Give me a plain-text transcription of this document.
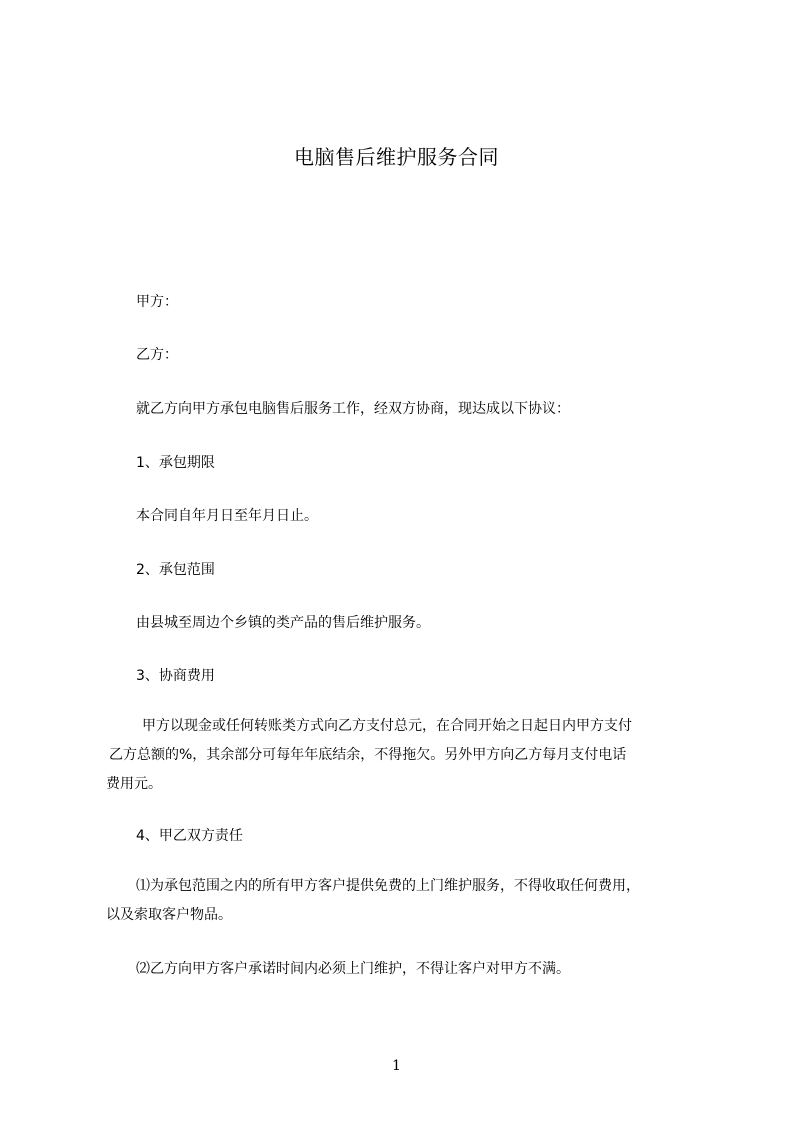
电脑售后维护服务合同
甲方：
乙方：
就乙方向甲方承包电脑售后服务工作，经双方协商，现达成以下协议：
1、承包期限
本合同自年月日至年月日止。
2、承包范围
由县城至周边个乡镇的类产品的售后维护服务。
3、协商费用
甲方以现金或任何转账类方式向乙方支付总元，在合同开始之日起日内甲方支付
乙方总额的%，其余部分可每年年底结余，不得拖欠。另外甲方向乙方每月支付电话
费用元。
4、甲乙双方责任
⑴为承包范围之内的所有甲方客户提供免费的上门维护服务，不得收取任何费用，
以及索取客户物品。
⑵乙方向甲方客户承诺时间内必须上门维护，不得让客户对甲方不满。
1
